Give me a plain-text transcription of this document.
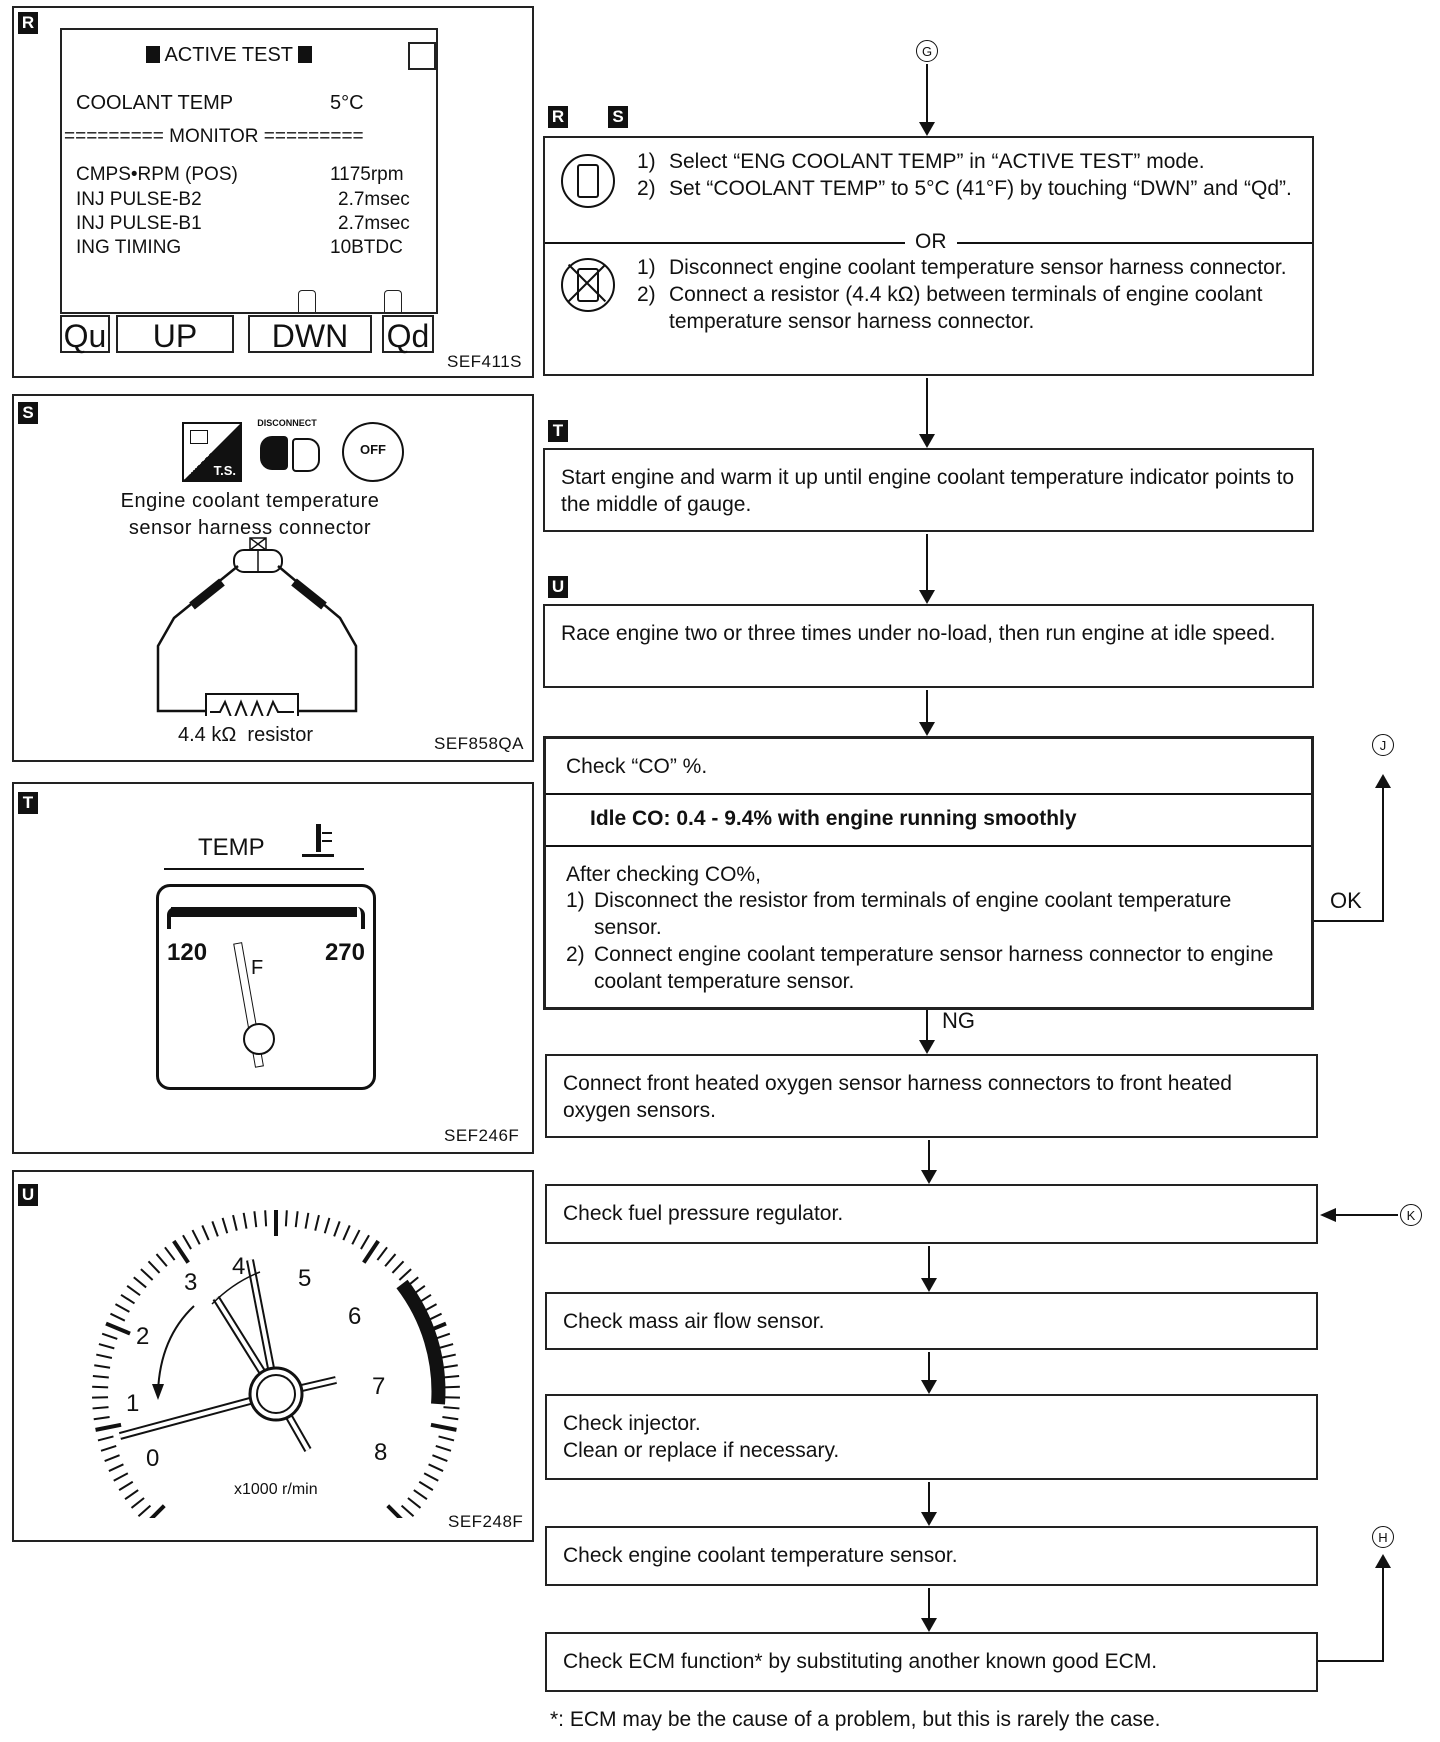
R
ACTIVE TEST
COOLANT TEMP	5°C
========= MONITOR =========
CMPS•RPM (POS)	1175rpm
INJ PULSE-B2	2.7msec
INJ PULSE-B1	2.7msec
ING TIMING	10BTDC
Qu	UP	DWN	Qd
SEF411S
S
T.S.
DISCONNECT
OFF
Engine coolant temperature
sensor harness connector
4.4 kΩ  resistor	SEF858QA
T
TEMP
120	270
F
SEF246F
U
0
1
2
3
4 5
6
7
8
x1000 r/min
SEF248F
G
R	S
1) Select “ENG COOLANT TEMP” in “ACTIVE TEST” mode.
2) Set “COOLANT TEMP” to 5°C (41°F) by touching “DWN” and “Qd”.
OR
1) Disconnect engine coolant temperature sensor harness connector.
2) Connect a resistor (4.4 kΩ) between terminals of engine coolant temperature sensor harness connector.
T
Start engine and warm it up until engine coolant temperature indicator points to the middle of gauge.
U
Race engine two or three times under no-load, then run engine at idle speed.
Check “CO” %.
Idle CO: 0.4 - 9.4% with engine running smoothly
After checking CO%,
1) Disconnect the resistor from terminals of engine coolant temperature sensor.
2) Connect engine coolant temperature sensor harness connector to engine coolant temperature sensor.
OK
J
NG
Connect front heated oxygen sensor harness connectors to front heated oxygen sensors.
Check fuel pressure regulator.	K
Check mass air flow sensor.
Check injector.
Clean or replace if necessary.
Check engine coolant temperature sensor.
Check ECM function* by substituting another known good ECM.
H
*: ECM may be the cause of a problem, but this is rarely the case.
